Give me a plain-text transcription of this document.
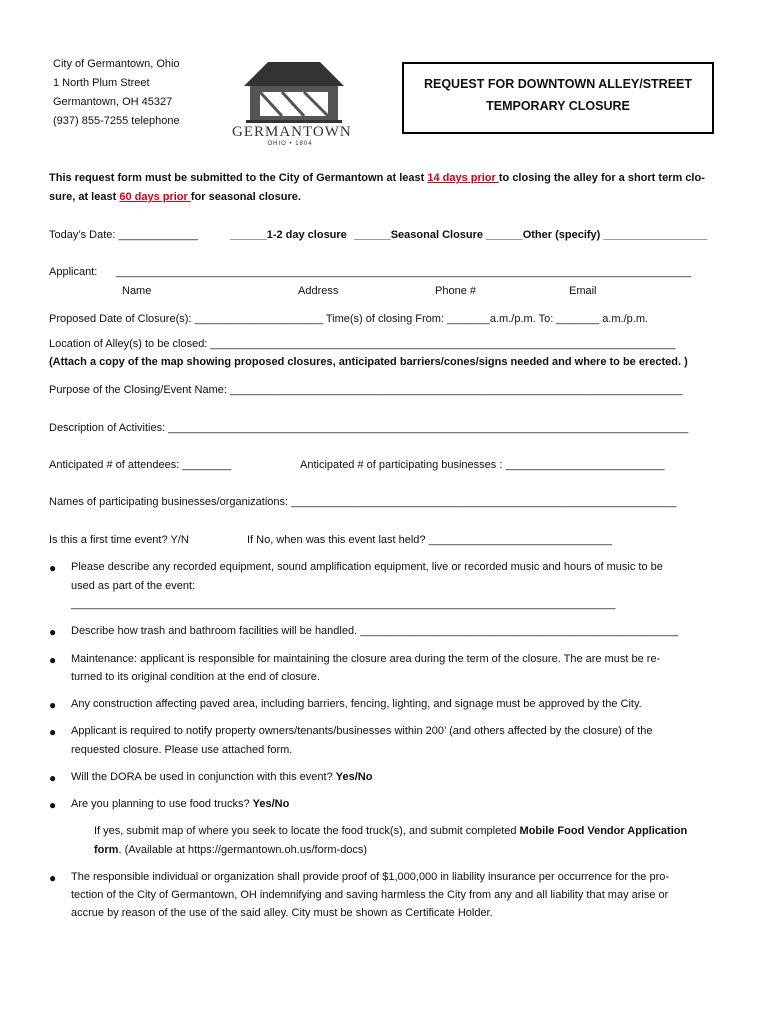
City of Germantown, Ohio
1 North Plum Street
Germantown, OH 45327
(937) 855-7255 telephone
GERMANTOWN
OHIO • 1804
REQUEST FOR DOWNTOWN ALLEY/STREET
TEMPORARY CLOSURE
This request form must be submitted to the City of Germantown at least 14 days prior to closing the alley for a short term clo-
sure, at least 60 days prior for seasonal closure.
Today’s Date: _____________	______1-2 day closure ______Seasonal Closure ______Other (specify) _________________
Applicant: ______________________________________________________________________________________________
Name	Address	Phone #	Email
Proposed Date of Closure(s): _____________________ Time(s) of closing From: _______a.m./p.m. To: _______ a.m./p.m.
Location of Alley(s) to be closed: ____________________________________________________________________________
(Attach a copy of the map showing proposed closures, anticipated barriers/cones/signs needed and where to be erected. )
Purpose of the Closing/Event Name: __________________________________________________________________________
Description of Activities: _____________________________________________________________________________________
Anticipated # of attendees: ________	Anticipated # of participating businesses : __________________________
Names of participating businesses/organizations: _______________________________________________________________
Is this a first time event? Y/N	If No, when was this event last held? ______________________________
● Please describe any recorded equipment, sound amplification equipment, live or recorded music and hours of music to be
used as part of the event:
_________________________________________________________________________________________
● Describe how trash and bathroom facilities will be handled. ____________________________________________________
● Maintenance: applicant is responsible for maintaining the closure area during the term of the closure. The are must be re-
turned to its original condition at the end of closure.
● Any construction affecting paved area, including barriers, fencing, lighting, and signage must be approved by the City.
● Applicant is required to notify property owners/tenants/businesses within 200’ (and others affected by the closure) of the
requested closure. Please use attached form.
● Will the DORA be used in conjunction with this event? Yes/No
● Are you planning to use food trucks? Yes/No
If yes, submit map of where you seek to locate the food truck(s), and submit completed Mobile Food Vendor Application
form. (Available at https://germantown.oh.us/form-docs)
● The responsible individual or organization shall provide proof of $1,000,000 in liability insurance per occurrence for the pro-
tection of the City of Germantown, OH indemnifying and saving harmless the City from any and all liability that may arise or
accrue by reason of the use of the said alley. City must be shown as Certificate Holder.
